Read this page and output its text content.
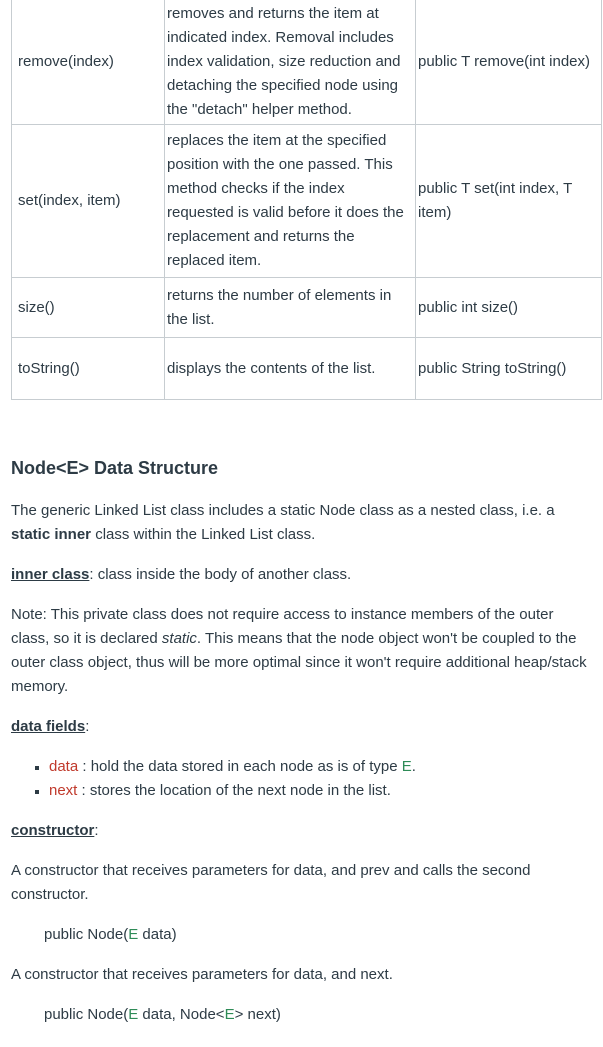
remove(index)	removes and returns the item at indicated index. Removal includes index validation, size reduction and detaching the specified node using the "detach" helper method.	public T remove(int index)
set(index, item)	replaces the item at the specified position with the one passed. This method checks if the index requested is valid before it does the replacement and returns the replaced item.	public T set(int index, T item)
size()	returns the number of elements in the list.	public int size()
toString()	displays the contents of the list.	public String toString()
Node<E> Data Structure

The generic Linked List class includes a static Node class as a nested class, i.e. a static inner class within the Linked List class.

inner class: class inside the body of another class.

Note: This private class does not require access to instance members of the outer class, so it is declared static. This means that the node object won't be coupled to the outer class object, thus will be more optimal since it won't require additional heap/stack memory.

data fields:

data : hold the data stored in each node as is of type E.
next : stores the location of the next node in the list.

constructor:

A constructor that receives parameters for data, and prev and calls the second constructor.

public Node(E data)

A constructor that receives parameters for data, and next.

public Node(E data, Node<E> next)
